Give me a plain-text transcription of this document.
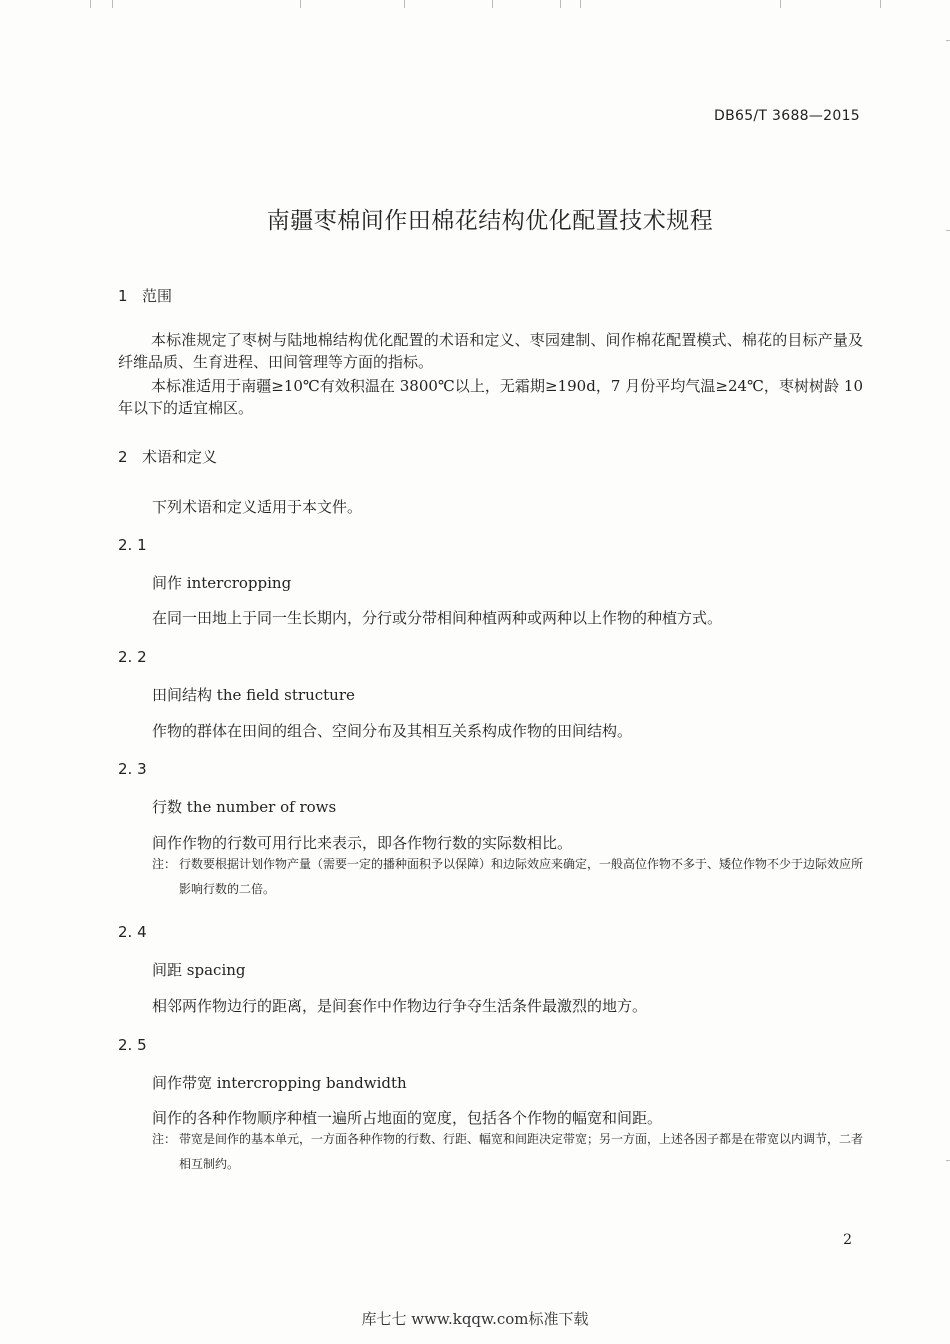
DB65/T 3688—2015
南疆枣棉间作田棉花结构优化配置技术规程
1 范围

本标准规定了枣树与陆地棉结构优化配置的术语和定义、枣园建制、间作棉花配置模式、棉花的目标产量及纤维品质、生育进程、田间管理等方面的指标。

本标准适用于南疆≥10℃有效积温在 3800℃以上，无霜期≥190d，7 月份平均气温≥24℃，枣树树龄 10 年以下的适宜棉区。

2 术语和定义
下列术语和定义适用于本文件。
2. 1
间作 intercropping
在同一田地上于同一生长期内，分行或分带相间种植两种或两种以上作物的种植方式。
2. 2
田间结构 the field structure
作物的群体在田间的组合、空间分布及其相互关系构成作物的田间结构。
2. 3
行数 the number of rows
间作作物的行数可用行比来表示，即各作物行数的实际数相比。
注： 行数要根据计划作物产量（需要一定的播种面积予以保障）和边际效应来确定，一般高位作物不多于、矮位作物不少于边际效应所影响行数的二倍。
2. 4
间距 spacing
相邻两作物边行的距离，是间套作中作物边行争夺生活条件最激烈的地方。
2. 5
间作带宽 intercropping bandwidth
间作的各种作物顺序种植一遍所占地面的宽度，包括各个作物的幅宽和间距。
注： 带宽是间作的基本单元，一方面各种作物的行数、行距、幅宽和间距决定带宽；另一方面，上述各因子都是在带宽以内调节，二者相互制约。
2
库七七 www.kqqw.com标准下载
